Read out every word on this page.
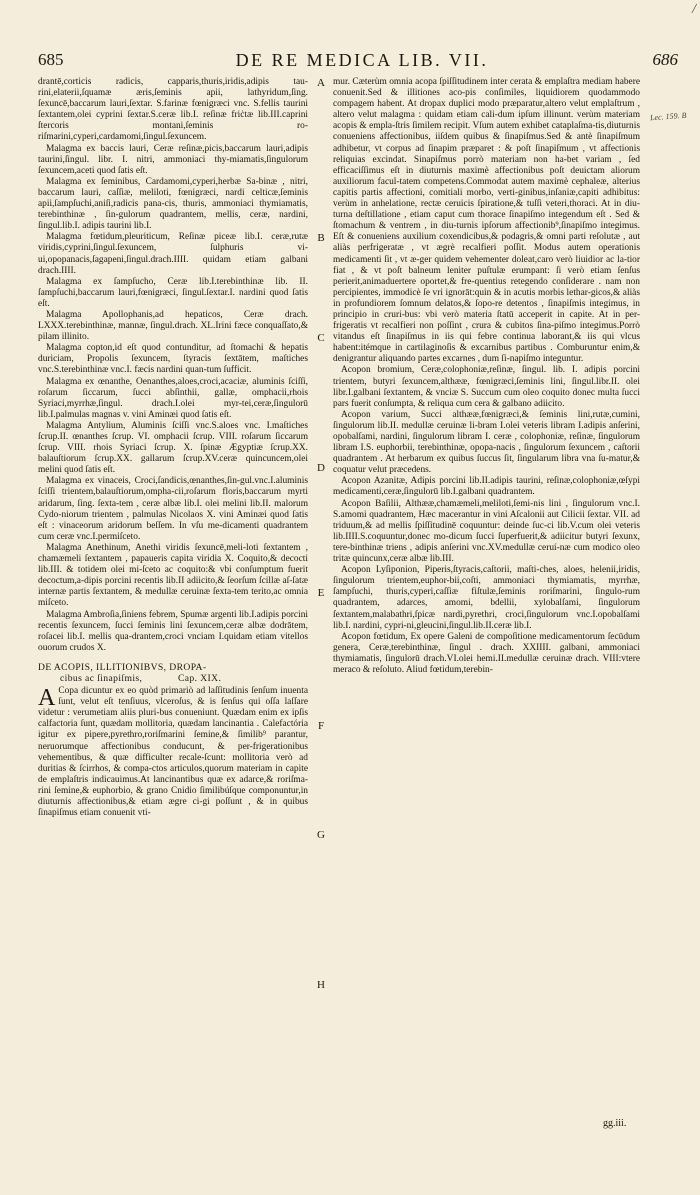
/
685	DE RE MEDICA LIB. VII.	686

drantē,corticis radicis, capparis,thuris,iridis,adipis tau-rini,elaterii,ſquamæ æris,ſeminis apii, lathyridum,ſing. ſexuncē,baccarum lauri,ſextar. S.farinæ fœnigræci vnc. S.fellis taurini ſextantem,olei cyprini ſextar.S.ceræ lib.I. reſinæ friċtæ lib.III.caprini ſtercoris montani,ſeminis ro-riſmarini,cyperi,cardamomi,ſingul.ſexuncem.

Malagma ex baccis lauri, Ceræ reſinæ,picis,baccarum lauri,adipis taurini,ſingul. libr. I. nitri, ammoniaci thy-miamatis,ſingulorum ſexuncem,aceti quod ſatis eſt.

Malagma ex ſeminibus, Cardamomi,cyperi,herbæ Sa-binæ , nitri, baccarum lauri, caſſiæ, meliloti, fœnigræci, nardi celticæ,ſeminis apii,ſampſuchi,aniſi,radicis pana-cis, thuris, ammoniaci thymiamatis, terebinthinæ , ſin-gulorum quadrantem, mellis, ceræ, nardini, ſingul.lib.I. adipis taurini lib.I.

Malagma fœtidum,pleuriticum, Reſinæ piceæ lib.I. ceræ,rutæ viridis,cyprini,ſingul.ſexuncem, ſulphuris vi-ui,opopanacis,ſagapeni,ſingul.drach.IIII. quidam etiam galbani drach.IIII.

Malagma ex ſampſucho, Ceræ lib.I.terebinthinæ lib. II. ſampſuchi,baccarum lauri,fœnigræci, ſingul.ſextar.I. nardini quod ſatis eſt.

Malagma Apollophanis,ad hepaticos, Ceræ drach. LXXX.terebinthinæ, mannæ, ſingul.drach. XL.Irini fæce conquaſſato,& pilam illinito.

Malagma copton,id eſt quod contunditur, ad ſtomachi & hepatis duriciam, Propolis ſexuncem, ſtyracis ſextātem, maſtiches vnc.S.terebinthinæ vnc.I. fæcis nardini quan-tum ſufficit.

Malagma ex œnanthe, Oenanthes,aloes,croci,acaciæ, aluminis ſciſſi, roſarum ſiccarum, ſucci abſinthii, gallæ, omphacii,rhois Syriaci,myrrhæ,ſingul. drach.I.olei myr-tei,ceræ,ſingulorū lib.I.palmulas magnas v. vini Aminæi quod ſatis eſt.

Malagma Antylium, Aluminis ſciſſi vnc.S.aloes vnc. I.maſtiches ſcrup.II. œnanthes ſcrup. VI. omphacii ſcrup. VIII. roſarum ſiccarum ſcrup. VIII. rhois Syriaci ſcrup. X. ſpinæ Ægyptiæ ſcrup.XX. balauſtiorum ſcrup.XX. gallarum ſcrup.XV.ceræ quincuncem,olei melini quod ſatis eſt.

Malagma ex vinaceis, Croci,ſandicis,œnanthes,ſin-gul.vnc.I.aluminis ſciſſi trientem,balauſtiorum,ompha-cii,roſarum floris,baccarum myrti aridarum, ſing. ſexta-tem , ceræ albæ lib.I. olei melini lib.II. malorum Cydo-niorum trientem , palmulas Nicolaos X. vini Aminæi quod ſatis eſt : vinaceorum aridorum beſſem. In vſu me-dicamenti quadrantem cum ceræ vnc.I.permiſceto.

Malagma Anethinum, Anethi viridis ſexuncē,meli-loti ſextantem , chamæmeli ſextantem , papaueris capita viridia X. Coquito,& decocti lib.III. & totidem olei mi-ſceto ac coquito:& vbi conſumptum fuerit decoctum,a-dipis porcini recentis lib.II adiicito,& ſeorſum ſcillæ aſ-ſatæ internæ partis ſextantem, & medullæ ceruinæ ſexta-tem terito,ac omnia miſceto.

Malagma Ambroſia,ſiniens febrem, Spumæ argenti lib.I.adipis porcini recentis ſexuncem, ſucci ſeminis lini ſexuncem,ceræ albæ dodrātem, roſacei lib.I. mellis qua-drantem,croci vnciam I.quidam etiam vitellos ouorum crudos X.

DE ACOPIS, ILLITIONIBVS, DROPA-
cibus ac ſinapiſmis,	Cap. XIX.

ACopa dicuntur ex eo quòd primariò ad laſſitudinis ſenſum inuenta ſunt, velut eſt tenſiuus, vlceroſus, & is ſenſus qui oſſa laſſare videtur : verumetiam aliis pluri-bus conueniunt. Quædam enim ex ipſis calfactoria ſunt, quædam mollitoria, quædam lancinantia . Calefactória igitur ex pipere,pyrethro,roriſmarini ſemine,& ſimilib⁹ parantur, neruorumque affectionibus conducunt, & per-frigerationibus vehementibus, & quæ difficulter recale-ſcunt: mollitoria verò ad duritias & ſcirrhos, & compa-ctos articulos,quorum materiam in capite de emplaſtris indicauimus.At lancinantibus quæ ex adarce,& roriſma-rini ſemine,& euphorbio, & grano Cnidio ſimilibúſque componuntur,in diuturnis affectionibus,& etiam ægre ci-gi poſſunt , & in quibus ſinapiſmus etiam conuenit vti-

A
B
C
D
E
F
G
H

mur. Cæterùm omnia acopa ſpiſſitudinem inter cerata & emplaſtra mediam habere conuenit.Sed & illitiones aco-pis conſimiles, liquidiorem quodammodo compagem habent. At dropax duplici modo præparatur,altero velut emplaſtrum , altero velut malagma : quidam etiam cali-dum ipſum illinunt. verùm materiam acopis & empla-ſtris ſimilem recipit. Vſum autem exhibet cataplaſma-tis,diuturnis conueniens affectionibus, iiſdem quibus & ſinapiſmus.Sed & antè ſinapiſmum adhibetur, vt corpus ad ſinapim præparet : & poſt ſinapiſmum , vt affectionis reliquias excindat. Sinapiſmus porrò materiam non ha-bet variam , ſed efficaciſſimus eſt in diuturnis maximè affectionibus poſt deuictam aliorum auxiliorum facul-tatem competens.Commodat autem maximè cephaleæ, alterius capitis partis affectioni, comitiali morbo, verti-ginibus,inſaniæ,capiti adhibitus: verùm in anhelatione, rectæ ceruicis ſpiratione,& tuſſi veteri,thoraci. At in diu-turna deſtillatione , etiam caput cum thorace ſinapiſmo integendum eſt . Sed & ſtomachum & ventrem , in diu-turnis ipſorum affectionib⁹,ſinapiſmo integimus. Eſt & conueniens auxilium coxendicibus,& podagris,& omni parti reſolutæ , aut aliàs perfrigeratæ , vt ægrè recalfieri poſſit. Modus autem operationis medicamenti ſit , vt æ-ger quidem vehementer doleat,caro verò liuidior ac la-tior fiat , & vt poſt balneum leniter puſtulæ erumpant: ſi verò etiam ſenſus perierit,animaduertere oportet,& fre-quentius retegendo conſiderare . nam non percipientes, immodicè ſe vri ignorāt:quin & in acutis morbis lethar-gicos,& aliàs in profundiorem ſomnum delatos,& ſopo-re detentos , ſinapiſmis integimus, in principio in cruri-bus: vbi verò materia ſtatū acceperit in capite. At in per-frigeratis vt recalfieri non poſſint , crura & cubitos ſina-piſmo integimus.Porrò vitandus eſt ſinapiſmus in iis qui febre continua laborant,& iis qui vlcus habent:itémque in cartilaginoſis & excarnibus partibus . Comburuntur enim,& denigrantur aliquando partes excarnes , dum ſi-napiſmo integuntur.

Acopon bromium, Ceræ,colophoniæ,reſinæ, ſingul. lib. I. adipis porcini trientem, butyri ſexuncem,althææ, fœnigræci,ſeminis lini, ſingul.libr.II. olei libr.I.galbani ſextantem, & vnciæ S. Succum cum oleo coquito donec multa ſucci pars fuerit conſumpta, & reliqua cum cera & galbano adiicito.

Acopon varium, Succi althææ,fœnigræci,& ſeminis lini,rutæ,cumini, ſingulorum lib.II. medullæ ceruinæ li-bram I.olei veteris libram I.adipis anſerini, opobalſami, nardini, ſingulorum libram I. ceræ , colophoniæ, reſinæ, ſingulorum libram I.S. euphorbii, terebinthinæ, opopa-nacis , ſingulorum ſexuncem , caſtorii quadrantem . At herbarum ex quibus ſuccus ſit, ſingularum libra vna ſu-matur,& coquatur velut præcedens.

Acopon Azanitæ, Adipis porcini lib.II.adipis taurini, reſinæ,colophoniæ,œſypi medicamenti,ceræ,ſingulorū lib.I.galbani quadrantem.

Acopon Baſilii, Althææ,chamæmeli,meliloti,ſemi-nis lini , ſingulorum vnc.I. S.amomi quadrantem, Hæc macerantur in vini Aſcalonii aut Cilicii ſextar. VII. ad triduum,& ad mellis ſpiſſitudinē coquuntur: deinde ſuc-ci lib.V.cum olei veteris lib.IIII.S.coquuntur,donec mo-dicum ſucci ſuperfuerit,& adiicitur butyri ſexunx, tere-binthinæ triens , adipis anſerini vnc.XV.medullæ ceruí-næ cum modico oleo tritæ quincunx,ceræ albæ lib.III.

Acopon Lyſiponion, Piperis,ſtyracis,caſtorii, maſti-ches, aloes, helenii,iridis, ſingulorum trientem,euphor-bii,coſti, ammoniaci thymiamatis, myrrhæ, ſampſuchi, thuris,cyperi,caſſiæ fiſtulæ,ſeminis roriſmarini, ſingulo-rum quadrantem, adarces, amomi, bdellii, xylobalſami, ſingulorum ſextantem,malabathri,ſpicæ nardi,pyrethri, croci,ſingulorum vnc.I.opobalſami lib.I. nardini, cypri-ni,gleucini,ſingul.lib.II.ceræ lib.I.

Acopon fœtidum, Ex opere Galeni de compoſitione medicamentorum ſecūdum genera, Ceræ,terebinthinæ, ſingul . drach. XXIIII. galbani, ammoniaci thymiamatis, ſingulorū drach.VI.olei hemi.II.medullæ ceruinæ drach. VIII:vtere meraco & reſoluto. Aliud fœtidum,terebin-

Lec. 159. B
gg.iii.
